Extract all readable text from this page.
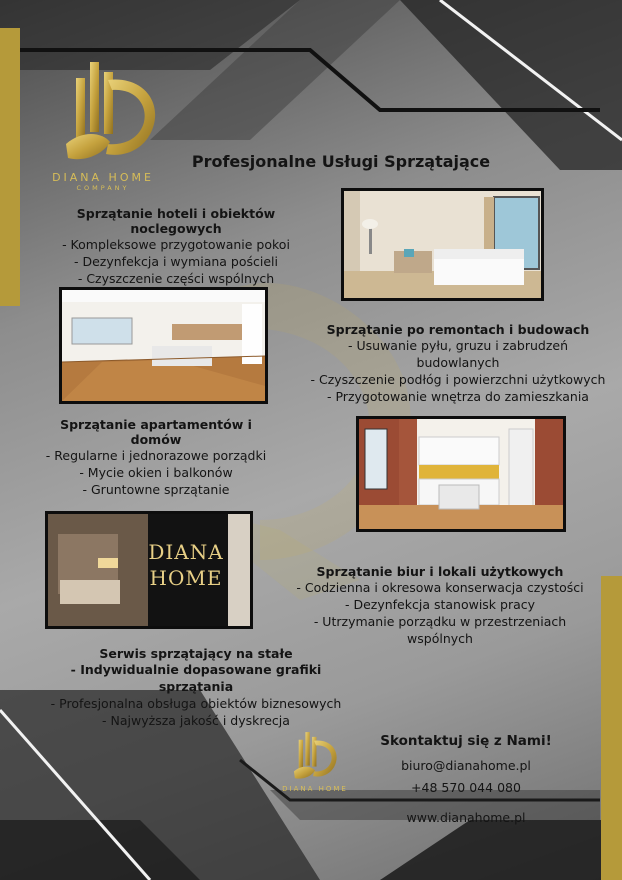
DIANA HOME
COMPANY
Profesjonalne Usługi Sprzątające
Sprzątanie hoteli i obiektów noclegowych
- Kompleksowe przygotowanie pokoi
- Dezynfekcja i wymiana pościeli
- Czyszczenie części wspólnych
Sprzątanie po remontach i budowach
- Usuwanie pyłu, gruzu i zabrudzeń budowlanych
- Czyszczenie podłóg i powierzchni użytkowych
- Przygotowanie wnętrza do zamieszkania
Sprzątanie apartamentów i domów
- Regularne i jednorazowe porządki
- Mycie okien i balkonów
- Gruntowne sprzątanie
DIANA
HOME	Sprzątanie biur i lokali użytkowych
- Codzienna i okresowa konserwacja czystości
- Dezynfekcja stanowisk pracy
- Utrzymanie porządku w przestrzeniach wspólnych
Serwis sprzątający na stałe
- Indywidualnie dopasowane grafiki sprzątania
- Profesjonalna obsługa obiektów biznesowych
- Najwyższa jakość i dyskrecja
DIANA HOME
Skontaktuj się z Nami!
biuro@dianahome.pl
+48 570 044 080
www.dianahome.pl
